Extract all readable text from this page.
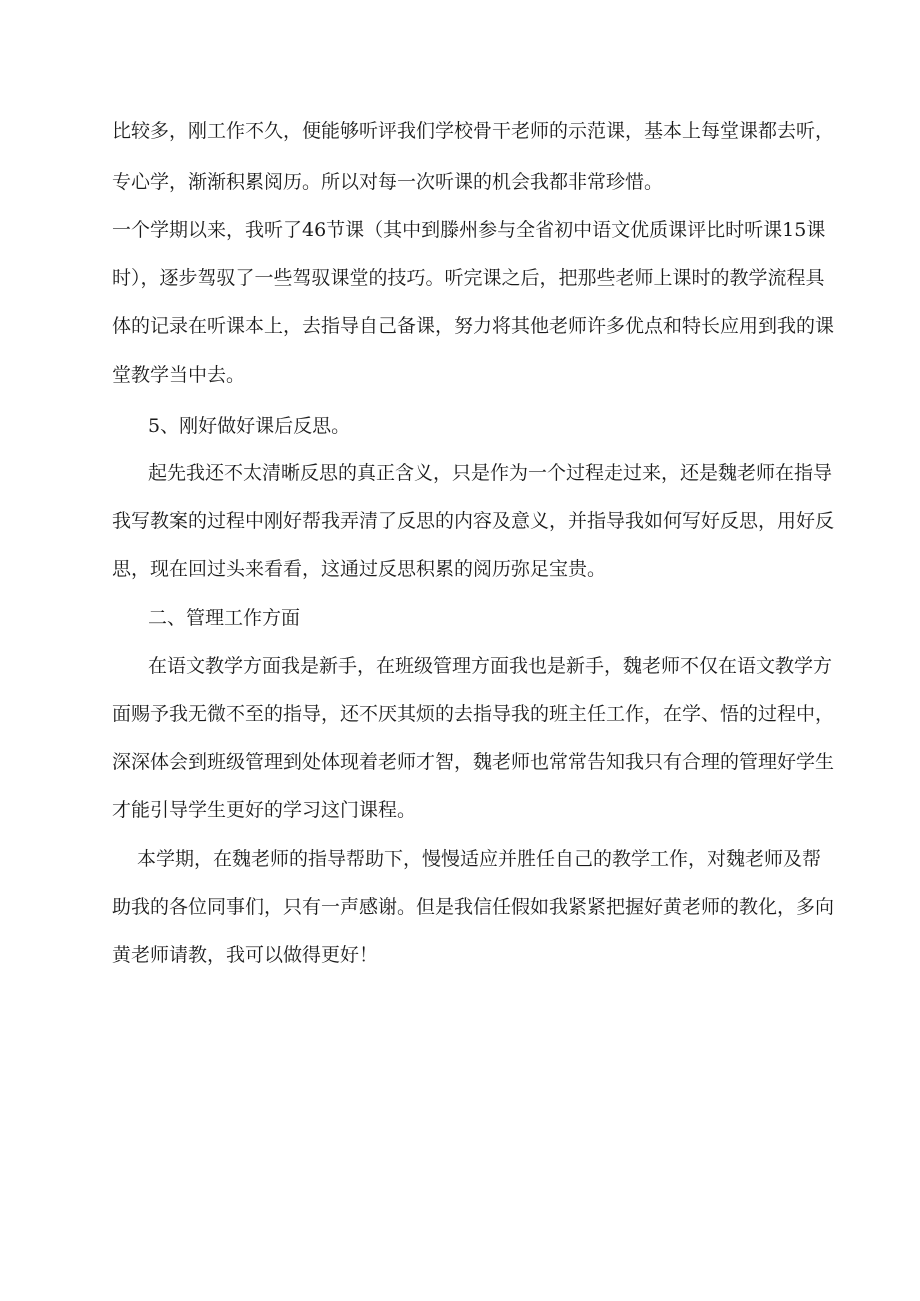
比较多，刚工作不久，便能够听评我们学校骨干老师的示范课，基本上每堂课都去听，

专心学，渐渐积累阅历。所以对每一次听课的机会我都非常珍惜。

一个学期以来，我听了46节课（其中到滕州参与全省初中语文优质课评比时听课15课

时），逐步驾驭了一些驾驭课堂的技巧。听完课之后，把那些老师上课时的教学流程具

体的记录在听课本上，去指导自己备课，努力将其他老师许多优点和特长应用到我的课

堂教学当中去。

5、刚好做好课后反思。

起先我还不太清晰反思的真正含义，只是作为一个过程走过来，还是魏老师在指导

我写教案的过程中刚好帮我弄清了反思的内容及意义，并指导我如何写好反思，用好反

思，现在回过头来看看，这通过反思积累的阅历弥足宝贵。

二、管理工作方面

在语文教学方面我是新手，在班级管理方面我也是新手，魏老师不仅在语文教学方

面赐予我无微不至的指导，还不厌其烦的去指导我的班主任工作，在学、悟的过程中，

深深体会到班级管理到处体现着老师才智，魏老师也常常告知我只有合理的管理好学生

才能引导学生更好的学习这门课程。

本学期，在魏老师的指导帮助下，慢慢适应并胜任自己的教学工作，对魏老师及帮

助我的各位同事们，只有一声感谢。但是我信任假如我紧紧把握好黄老师的教化，多向

黄老师请教，我可以做得更好！
